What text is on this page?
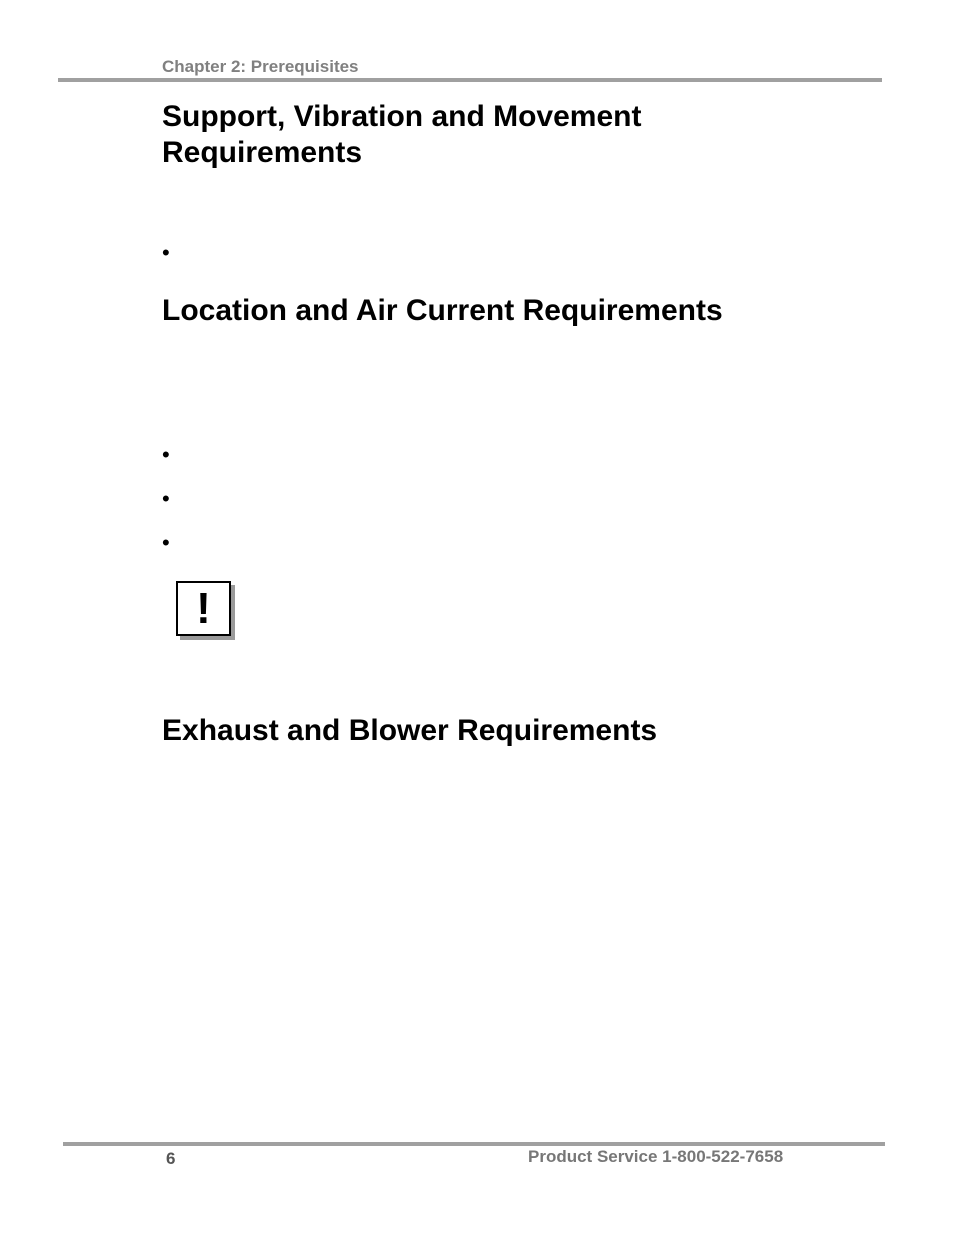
Chapter 2: Prerequisites
Support, Vibration and Movement Requirements
•
Location and Air Current Requirements
•
•
•
!
Exhaust and Blower Requirements
6	Product Service 1-800-522-7658
